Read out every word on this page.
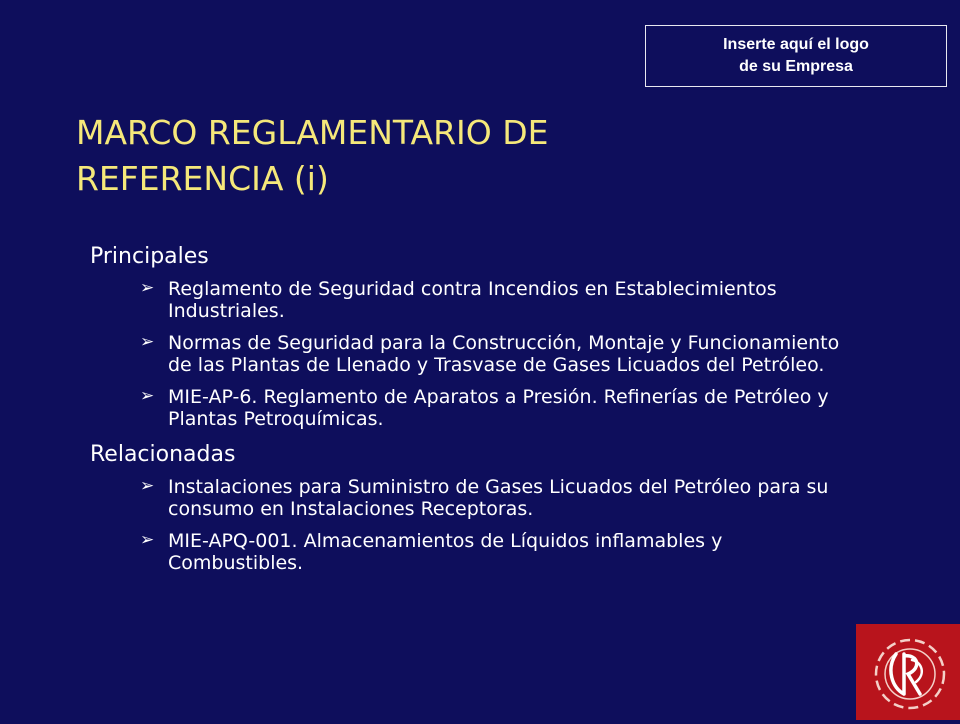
Inserte aquí el logo
de su Empresa
MARCO REGLAMENTARIO DE
REFERENCIA (i)
Principales
➢ Reglamento de Seguridad contra Incendios en Establecimientos Industriales.
➢ Normas de Seguridad para la Construcción, Montaje y Funcionamiento de las Plantas de Llenado y Trasvase de Gases Licuados del Petróleo.
➢ MIE-AP-6. Reglamento de Aparatos a Presión. Refinerías de Petróleo y Plantas Petroquímicas.
Relacionadas
➢ Instalaciones para Suministro de Gases Licuados del Petróleo para su consumo en Instalaciones Receptoras.
➢ MIE-APQ-001. Almacenamientos de Líquidos inflamables y Combustibles.
